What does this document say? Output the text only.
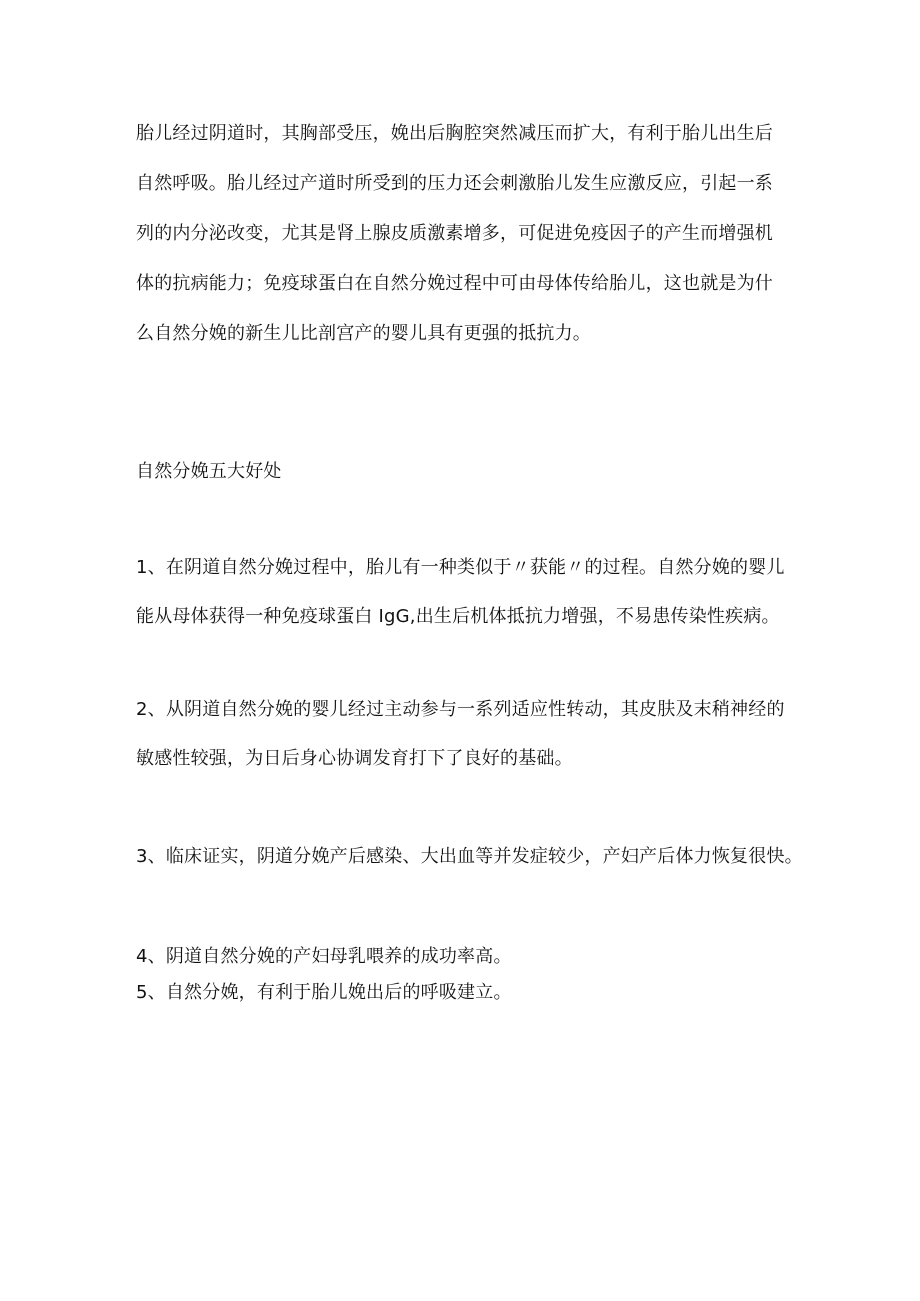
胎儿经过阴道时，其胸部受压，娩出后胸腔突然减压而扩大，有利于胎儿出生后

自然呼吸。胎儿经过产道时所受到的压力还会刺激胎儿发生应激反应，引起一系

列的内分泌改变，尤其是肾上腺皮质激素增多，可促进免疫因子的产生而增强机

体的抗病能力；免疫球蛋白在自然分娩过程中可由母体传给胎儿，这也就是为什

么自然分娩的新生儿比剖宫产的婴儿具有更强的抵抗力。

自然分娩五大好处

1、在阴道自然分娩过程中，胎儿有一种类似于〃获能〃的过程。自然分娩的婴儿

能从母体获得一种免疫球蛋白 IgG,出生后机体抵抗力增强，不易患传染性疾病。

2、从阴道自然分娩的婴儿经过主动参与一系列适应性转动，其皮肤及末稍神经的

敏感性较强，为日后身心协调发育打下了良好的基础。

3、临床证实，阴道分娩产后感染、大出血等并发症较少，产妇产后体力恢复很快。

4、阴道自然分娩的产妇母乳喂养的成功率高。

5、自然分娩，有利于胎儿娩出后的呼吸建立。
